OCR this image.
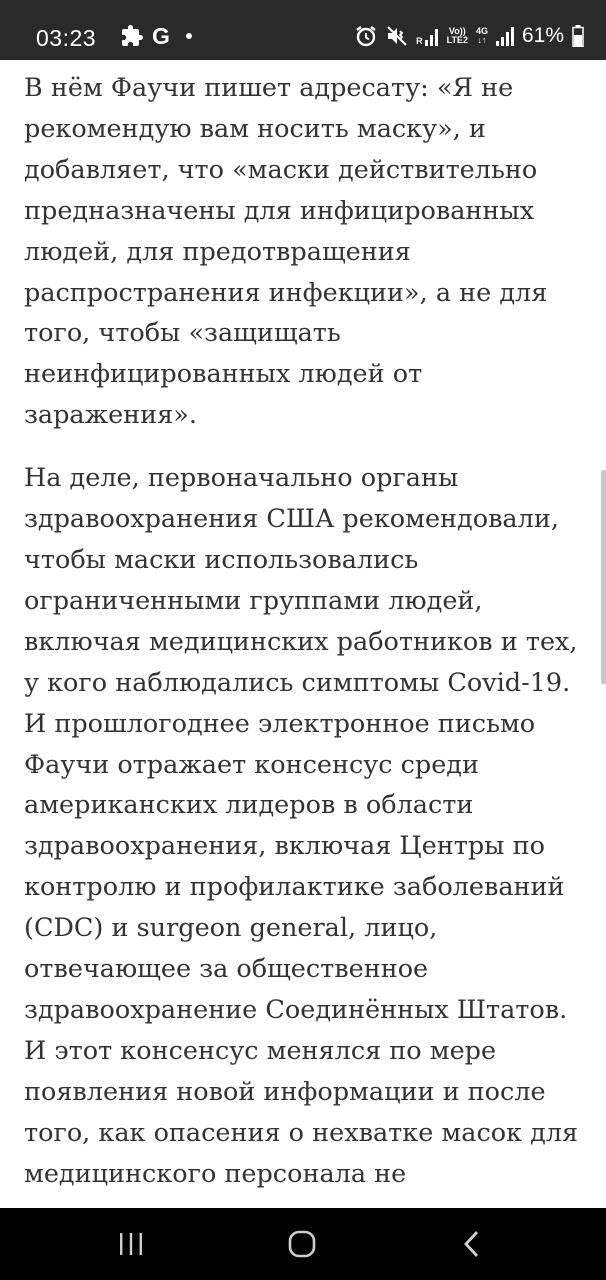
03:23 G	R
Vo))
LTE2
4G
↓↑ 61%

В нём Фаучи пишет адресату: «Я не
рекомендую вам носить маску», и
добавляет, что «маски действительно
предназначены для инфицированных
людей, для предотвращения
распространения инфекции», а не для
того, чтобы «защищать
неинфицированных людей от
заражения».

На деле, первоначально органы
здравоохранения США рекомендовали,
чтобы маски использовались
ограниченными группами людей,
включая медицинских работников и тех,
у кого наблюдались симптомы Covid-19.
И прошлогоднее электронное письмо
Фаучи отражает консенсус среди
американских лидеров в области
здравоохранения, включая Центры по
контролю и профилактике заболеваний
(CDC) и surgeon general, лицо,
отвечающее за общественное
здравоохранение Соединённых Штатов.
И этот консенсус менялся по мере
появления новой информации и после
того, как опасения о нехватке масок для
медицинского персонала не
